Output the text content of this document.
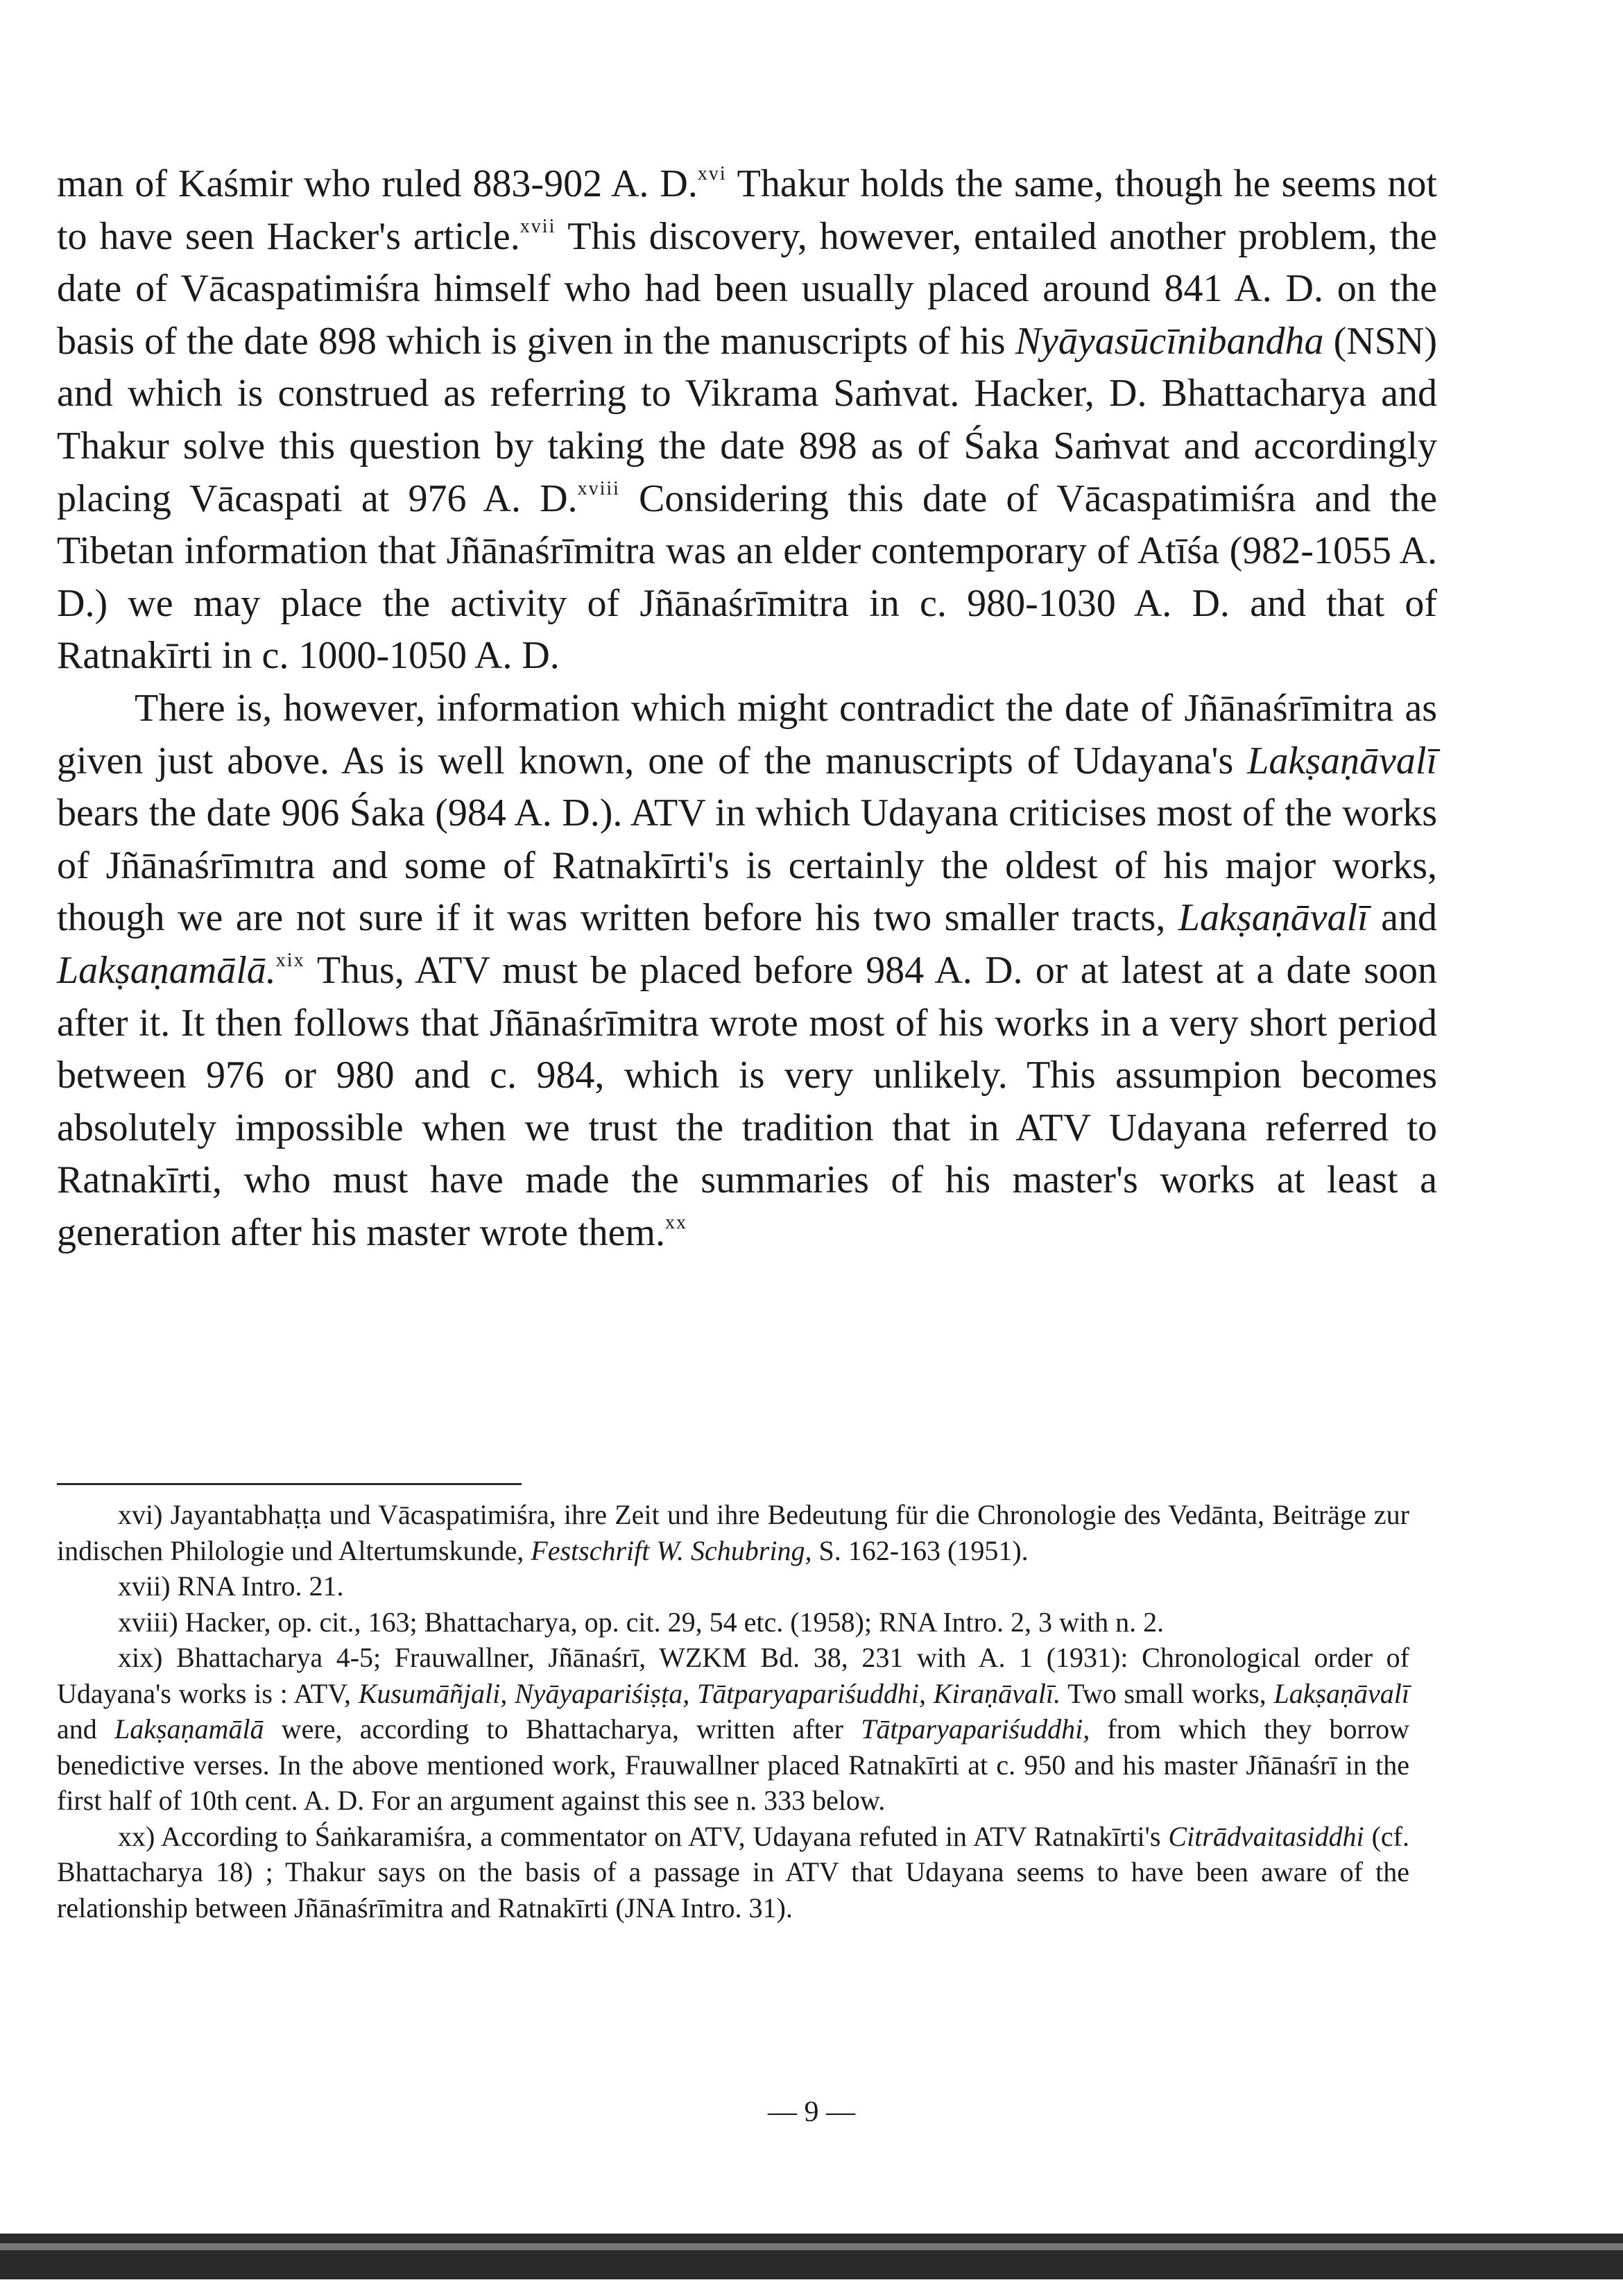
man of Kaśmir who ruled 883-902 A. D.$^{xvi}$ Thakur holds the same, though he seems not to have seen Hacker's article.$^{xvii}$ This discovery, however, entailed another problem, the date of Vācaspatimiśra himself who had been usually placed around 841 A. D. on the basis of the date 898 which is given in the manuscripts of his Nyāyasūcīnibandha (NSN) and which is construed as referring to Vikrama Saṁvat. Hacker, D. Bhattacharya and Thakur solve this question by taking the date 898 as of Śaka Saṁvat and accordingly placing Vācaspati at 976 A. D.$^{xviii}$ Considering this date of Vācaspatimiśra and the Tibetan information that Jñānaśrīmitra was an elder contemporary of Atīśa (982-1055 A. D.) we may place the activity of Jñānaśrīmitra in c. 980-1030 A. D. and that of Ratnakīrti in c. 1000-1050 A. D.

There is, however, information which might contradict the date of Jñānaśrīmitra as given just above. As is well known, one of the manuscripts of Udayana's Lakṣaṇāvalī bears the date 906 Śaka (984 A. D.). ATV in which Udayana criticises most of the works of Jñānaśrīmıtra and some of Ratnakīrti's is certainly the oldest of his major works, though we are not sure if it was written before his two smaller tracts, Lakṣaṇāvalī and Lakṣaṇamālā.$^{xix}$ Thus, ATV must be placed before 984 A. D. or at latest at a date soon after it. It then follows that Jñānaśrīmitra wrote most of his works in a very short period between 976 or 980 and c. 984, which is very unlikely. This assumpion becomes absolutely impossible when we trust the tradition that in ATV Udayana referred to Ratnakīrti, who must have made the summaries of his master's works at least a generation after his master wrote them.$^{xx}$

xvi) Jayantabhaṭṭa und Vācaspatimiśra, ihre Zeit und ihre Bedeutung für die Chronologie des Vedānta, Beiträge zur indischen Philologie und Altertumskunde, Festschrift W. Schubring, S. 162-163 (1951).

xvii) RNA Intro. 21.

xviii) Hacker, op. cit., 163; Bhattacharya, op. cit. 29, 54 etc. (1958); RNA Intro. 2, 3 with n. 2.

xix) Bhattacharya 4-5; Frauwallner, Jñānaśrī, WZKM Bd. 38, 231 with A. 1 (1931): Chronological order of Udayana's works is : ATV, Kusumāñjali, Nyāyapariśiṣṭa, Tātparyapariśuddhi, Kiraṇāvalī. Two small works, Lakṣaṇāvalī and Lakṣaṇamālā were, according to Bhattacharya, written after Tātparyapariśuddhi, from which they borrow benedictive verses. In the above mentioned work, Frauwallner placed Ratnakīrti at c. 950 and his master Jñānaśrī in the first half of 10th cent. A. D. For an argument against this see n. 333 below.

xx) According to Śaṅkaramiśra, a commentator on ATV, Udayana refuted in ATV Ratnakīrti's Citrādvaitasiddhi (cf. Bhattacharya 18) ; Thakur says on the basis of a passage in ATV that Udayana seems to have been aware of the relationship between Jñānaśrīmitra and Ratnakīrti (JNA Intro. 31).

— 9 —
